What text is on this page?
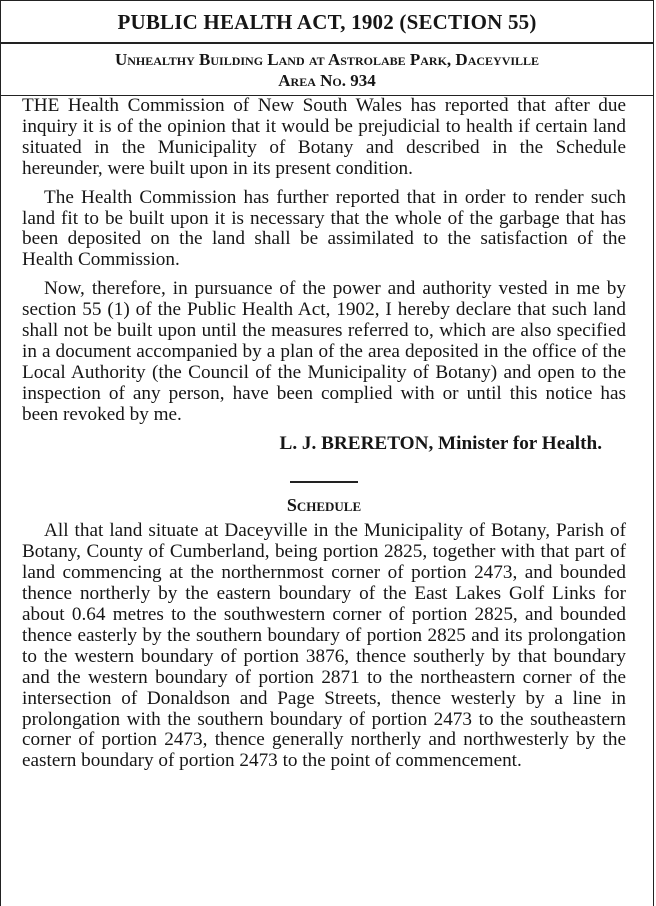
PUBLIC HEALTH ACT, 1902 (SECTION 55)
Unhealthy Building Land at Astrolabe Park, Daceyville
Area No. 934

THE Health Commission of New South Wales has reported that after due inquiry it is of the opinion that it would be prejudicial to health if certain land situated in the Municipality of Botany and described in the Schedule hereunder, were built upon in its present condition.

The Health Commission has further reported that in order to render such land fit to be built upon it is necessary that the whole of the garbage that has been deposited on the land shall be assimilated to the satisfaction of the Health Commission.

Now, therefore, in pursuance of the power and authority vested in me by section 55 (1) of the Public Health Act, 1902, I hereby declare that such land shall not be built upon until the measures referred to, which are also specified in a document accompanied by a plan of the area deposited in the office of the Local Authority (the Council of the Municipality of Botany) and open to the inspection of any person, have been complied with or until this notice has been revoked by me.

L. J. BRERETON, Minister for Health.

Schedule

All that land situate at Daceyville in the Municipality of Botany, Parish of Botany, County of Cumberland, being portion 2825, together with that part of land commencing at the northernmost corner of portion 2473, and bounded thence northerly by the eastern boundary of the East Lakes Golf Links for about 0.64 metres to the southwestern corner of portion 2825, and bounded thence easterly by the southern boundary of portion 2825 and its prolongation to the western boundary of portion 3876, thence southerly by that boundary and the western boundary of portion 2871 to the northeastern corner of the intersection of Donaldson and Page Streets, thence westerly by a line in prolongation with the southern boundary of portion 2473 to the southeastern corner of portion 2473, thence generally northerly and northwesterly by the eastern boundary of portion 2473 to the point of commencement.
